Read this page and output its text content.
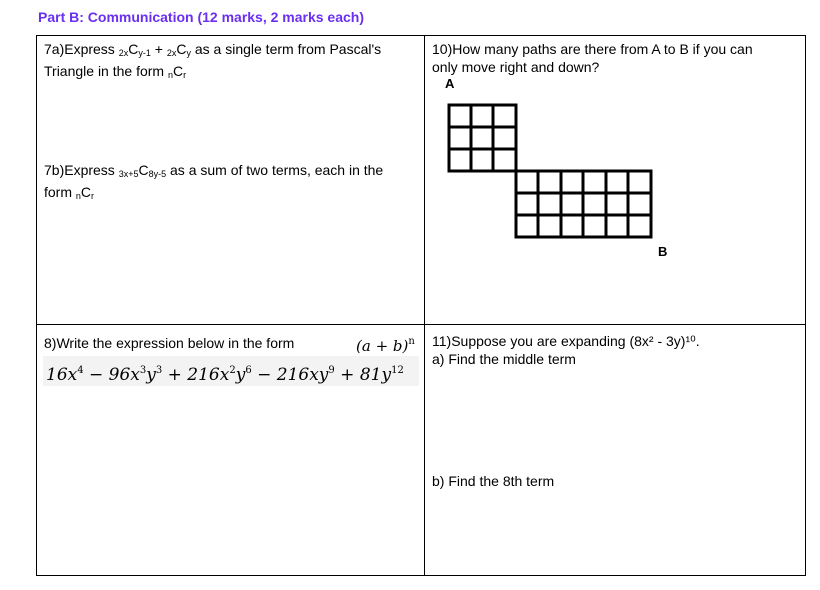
Part B: Communication (12 marks, 2 marks each)
7a)Express $_{2x}C_{y-1} + _{2x}C_y$ as a single term from Pascal's
Triangle in the form $_nC_r$
7b)Express $_{3x+5}C_{8y-5}$ as a sum of two terms, each in the
form $_nC_r$
10)How many paths are there from A to B if you can
only move right and down?
A
B
8)Write the expression below in the form	$(a + b)^n$
$16x^4 - 96x^3y^3 + 216x^2y^6 - 216xy^9 + 81y^{12}$
11)Suppose you are expanding (8x² - 3y)¹⁰.
a) Find the middle term
b) Find the 8th term
